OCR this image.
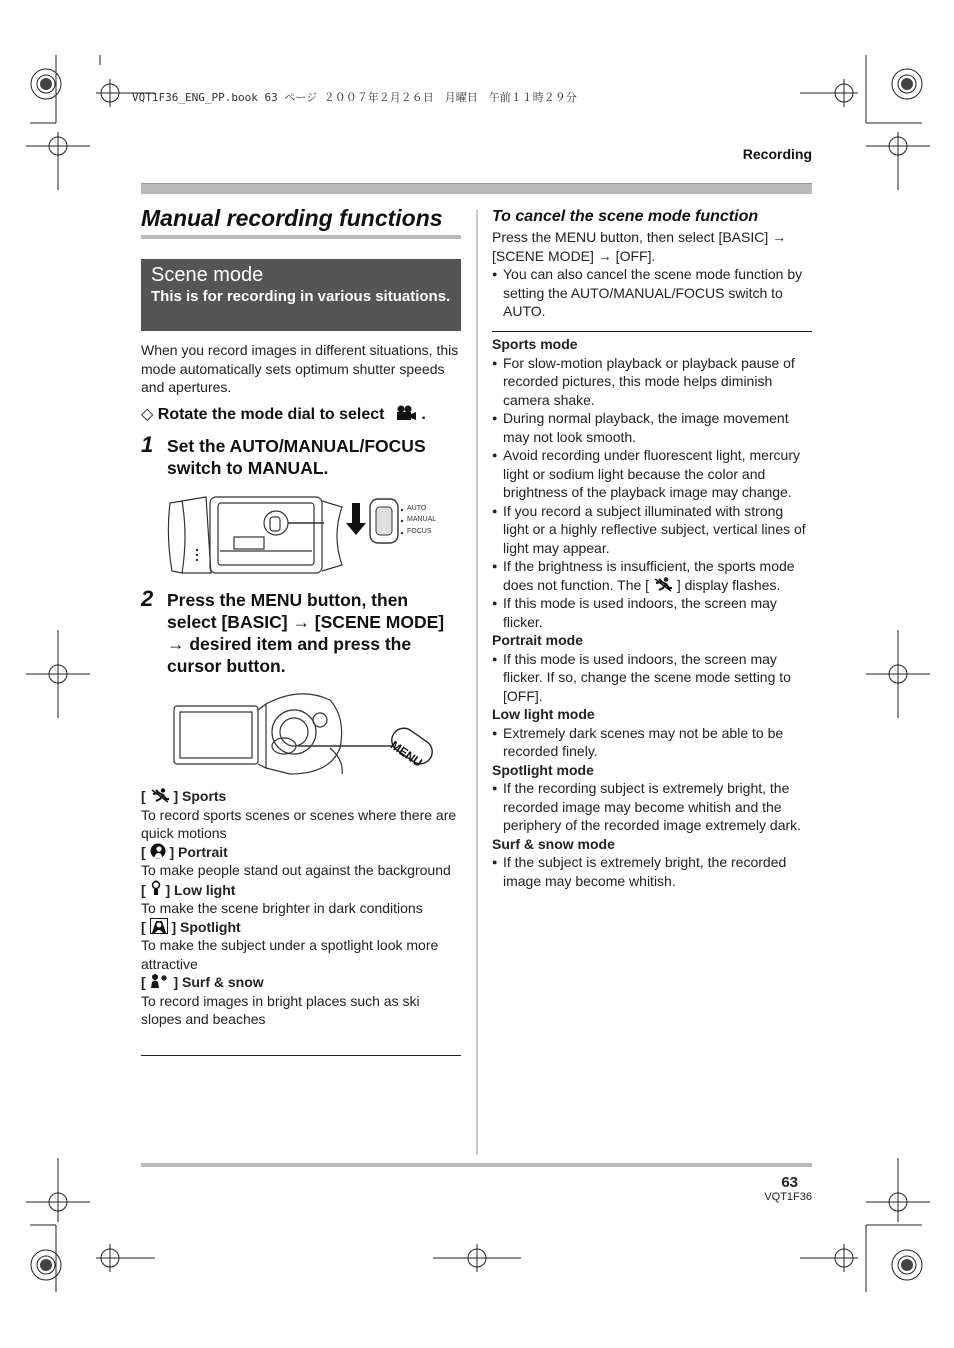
VQT1F36_ENG_PP.book 63 ページ ２００７年２月２６日　月曜日　午前１１時２９分
Recording
Manual recording functions
Scene mode
This is for recording in various situations.
When you record images in different situations, this mode automatically sets optimum shutter speeds and apertures.
◇ Rotate the mode dial to select .
1 Set the AUTO/MANUAL/FOCUS switch to MANUAL.
AUTO
MANUAL
FOCUS
2 Press the MENU button, then select [BASIC] → [SCENE MODE] → desired item and press the cursor button.
MENU
[ ] Sports
To record sports scenes or scenes where there are quick motions
[ ] Portrait
To make people stand out against the background
[ ] Low light
To make the scene brighter in dark conditions
[ ] Spotlight
To make the subject under a spotlight look more attractive
[ ] Surf & snow
To record images in bright places such as ski slopes and beaches
To cancel the scene mode function
Press the MENU button, then select [BASIC] → [SCENE MODE] → [OFF].
● You can also cancel the scene mode function by setting the AUTO/MANUAL/FOCUS switch to AUTO.
Sports mode
● For slow-motion playback or playback pause of recorded pictures, this mode helps diminish camera shake.
● During normal playback, the image movement may not look smooth.
● Avoid recording under fluorescent light, mercury light or sodium light because the color and brightness of the playback image may change.
● If you record a subject illuminated with strong light or a highly reflective subject, vertical lines of light may appear.
● If the brightness is insufficient, the sports mode does not function. The [ ] display flashes.
● If this mode is used indoors, the screen may flicker.
Portrait mode
● If this mode is used indoors, the screen may flicker. If so, change the scene mode setting to [OFF].
Low light mode
● Extremely dark scenes may not be able to be recorded finely.
Spotlight mode
● If the recording subject is extremely bright, the recorded image may become whitish and the periphery of the recorded image extremely dark.
Surf & snow mode
● If the subject is extremely bright, the recorded image may become whitish.
63
VQT1F36
